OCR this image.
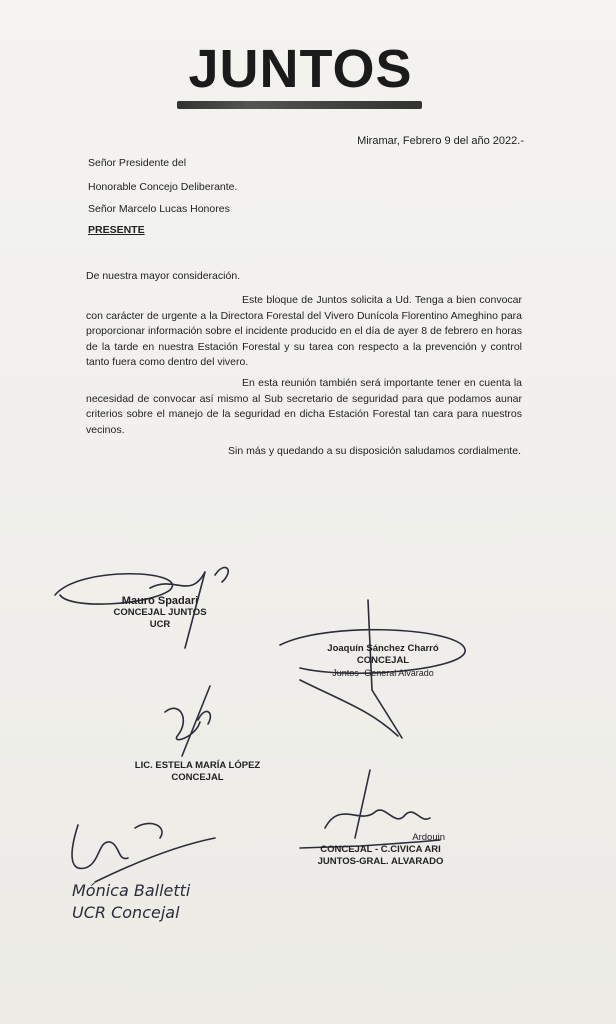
JUNTOS
Miramar, Febrero 9 del año 2022.-
Señor Presidente del
Honorable Concejo Deliberante.
Señor Marcelo Lucas Honores
PRESENTE
De nuestra mayor consideración.
Este bloque de Juntos solicita a Ud. Tenga a bien convocar con carácter de urgente a la Directora Forestal del Vivero Dunícola Florentino Ameghino para proporcionar información sobre el incidente producido en el día de ayer 8 de febrero en horas de la tarde en nuestra Estación Forestal y su tarea con respecto a la prevención y control tanto fuera como dentro del vivero.
En esta reunión también será importante tener en cuenta la necesidad de convocar así mismo al Sub secretario de seguridad para que podamos aunar criterios sobre el manejo de la seguridad en dicha Estación Forestal tan cara para nuestros vecinos.
Sin más y quedando a su disposición saludamos cordialmente.
Mauro Spadari
CONCEJAL JUNTOS
UCR
Joaquín Sánchez Charró
CONCEJAL
Juntos- General Alvarado
LIC. ESTELA MARÍA LÓPEZ
CONCEJAL
Ardouin
CONCEJAL - C.CIVICA ARI
JUNTOS-GRAL. ALVARADO
Mónica Balletti
UCR Concejal
